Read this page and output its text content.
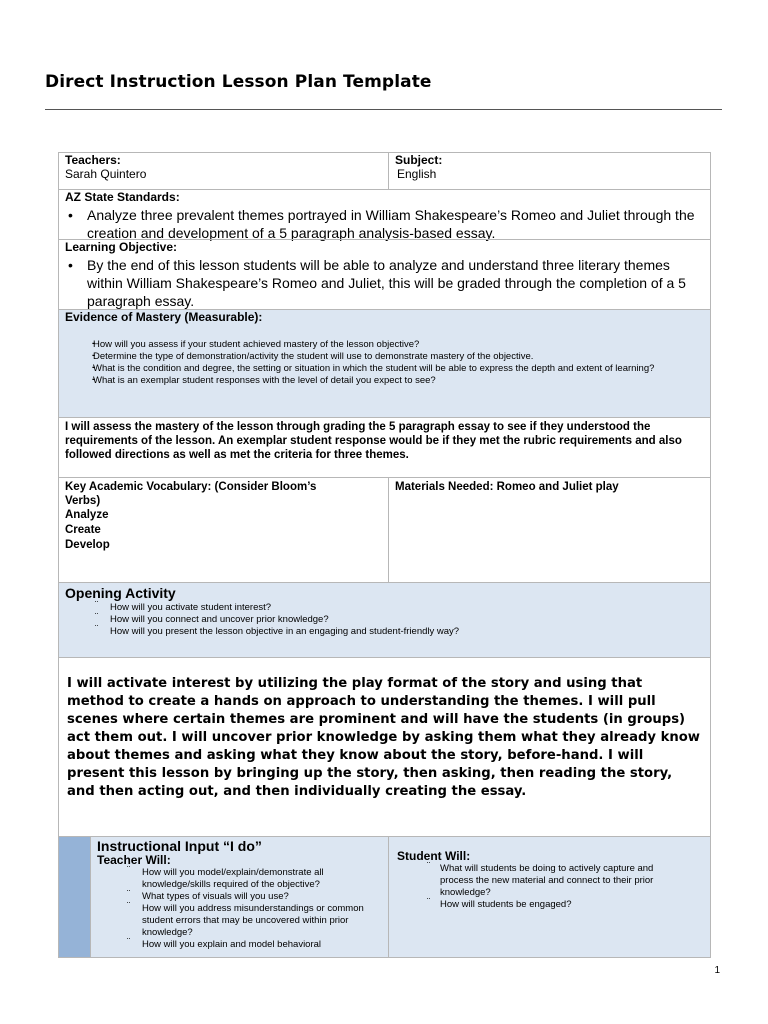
Direct Instruction Lesson Plan Template
Teachers:
Sarah Quintero
Subject:
English
AZ State Standards:
• Analyze three prevalent themes portrayed in William Shakespeare’s Romeo and Juliet through the creation and development of a 5 paragraph analysis-based essay.
Learning Objective:
• By the end of this lesson students will be able to analyze and understand three literary themes within William Shakespeare’s Romeo and Juliet, this will be graded through the completion of a 5 paragraph essay.
Evidence of Mastery (Measurable):
- How will you assess if your student achieved mastery of the lesson objective?
- Determine the type of demonstration/activity the student will use to demonstrate mastery of the objective.
- What is the condition and degree, the setting or situation in which the student will be able to express the depth and extent of learning?
- What is an exemplar student responses with the level of detail you expect to see?
I will assess the mastery of the lesson through grading the 5 paragraph essay to see if they understood the requirements of the lesson. An exemplar student response would be if they met the rubric requirements and also followed directions as well as met the criteria for three themes.
Key Academic Vocabulary: (Consider Bloom’s Verbs)
Analyze
Create
Develop
Materials Needed: Romeo and Juliet play
Opening Activity
¨ How will you activate student interest?
¨ How will you connect and uncover prior knowledge?
¨ How will you present the lesson objective in an engaging and student-friendly way?
I will activate interest by utilizing the play format of the story and using that method to create a hands on approach to understanding the themes. I will pull scenes where certain themes are prominent and will have the students (in groups) act them out. I will uncover prior knowledge by asking them what they already know about themes and asking what they know about the story, before-hand. I will present this lesson by bringing up the story, then asking, then reading the story, and then acting out, and then individually creating the essay.
Instructional Input “I do”
Teacher Will:
¨ How will you model/explain/demonstrate all knowledge/skills required of the objective?
¨ What types of visuals will you use?
¨ How will you address misunderstandings or common student errors that may be uncovered within prior knowledge?
¨ How will you explain and model behavioral
Student Will:
¨ What will students be doing to actively capture and process the new material and connect to their prior knowledge?
¨ How will students be engaged?
1
